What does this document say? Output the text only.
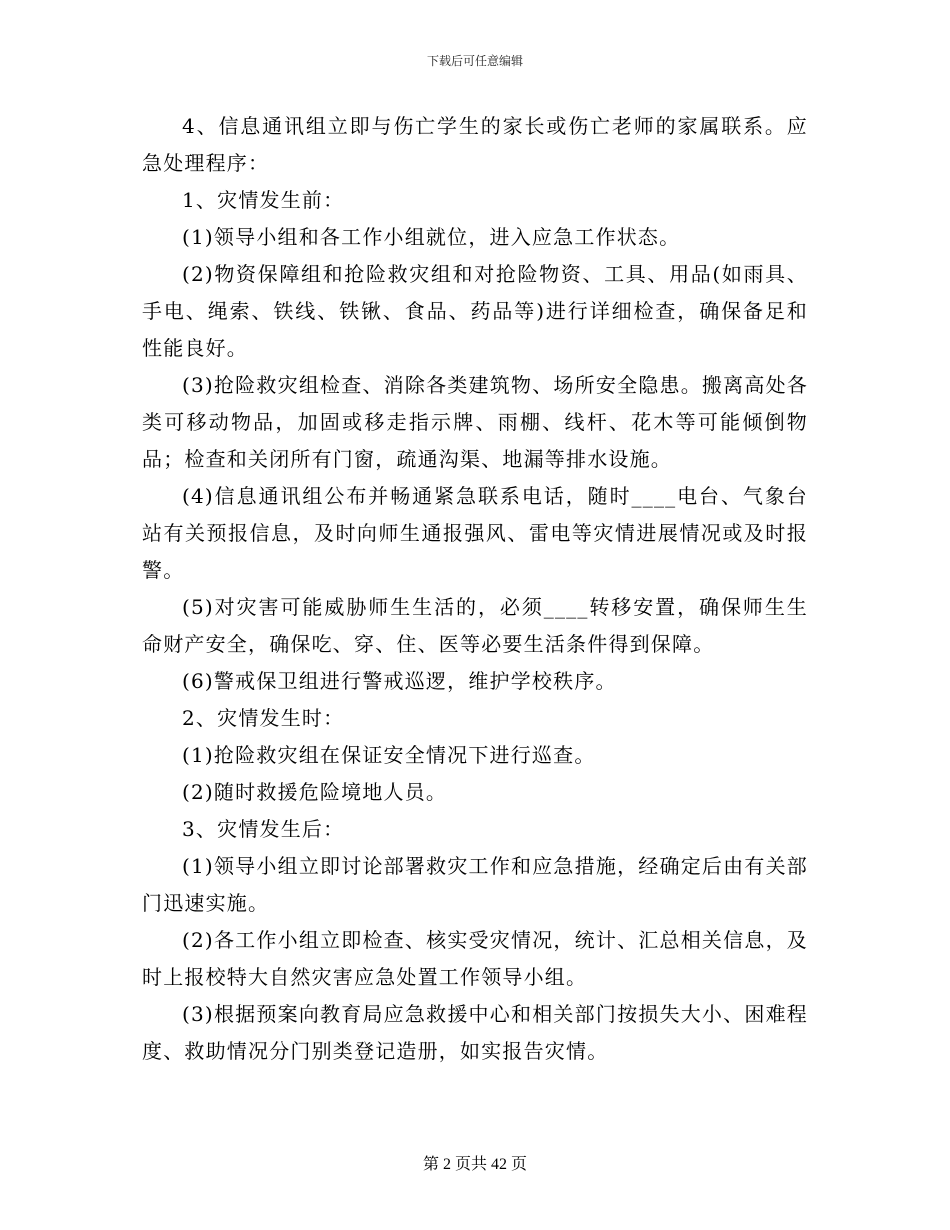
下载后可任意编辑

4、信息通讯组立即与伤亡学生的家长或伤亡老师的家属联系。应急处理程序：

1、灾情发生前：

(1)领导小组和各工作小组就位，进入应急工作状态。

(2)物资保障组和抢险救灾组和对抢险物资、工具、用品(如雨具、手电、绳索、铁线、铁锹、食品、药品等)进行详细检查，确保备足和性能良好。

(3)抢险救灾组检查、消除各类建筑物、场所安全隐患。搬离高处各类可移动物品，加固或移走指示牌、雨棚、线杆、花木等可能倾倒物品；检查和关闭所有门窗，疏通沟渠、地漏等排水设施。

(4)信息通讯组公布并畅通紧急联系电话，随时____电台、气象台站有关预报信息，及时向师生通报强风、雷电等灾情进展情况或及时报警。

(5)对灾害可能威胁师生生活的，必须____转移安置，确保师生生命财产安全，确保吃、穿、住、医等必要生活条件得到保障。

(6)警戒保卫组进行警戒巡逻，维护学校秩序。

2、灾情发生时：

(1)抢险救灾组在保证安全情况下进行巡查。

(2)随时救援危险境地人员。

3、灾情发生后：

(1)领导小组立即讨论部署救灾工作和应急措施，经确定后由有关部门迅速实施。

(2)各工作小组立即检查、核实受灾情况，统计、汇总相关信息，及时上报校特大自然灾害应急处置工作领导小组。

(3)根据预案向教育局应急救援中心和相关部门按损失大小、困难程度、救助情况分门别类登记造册，如实报告灾情。

第 2 页共 42 页
